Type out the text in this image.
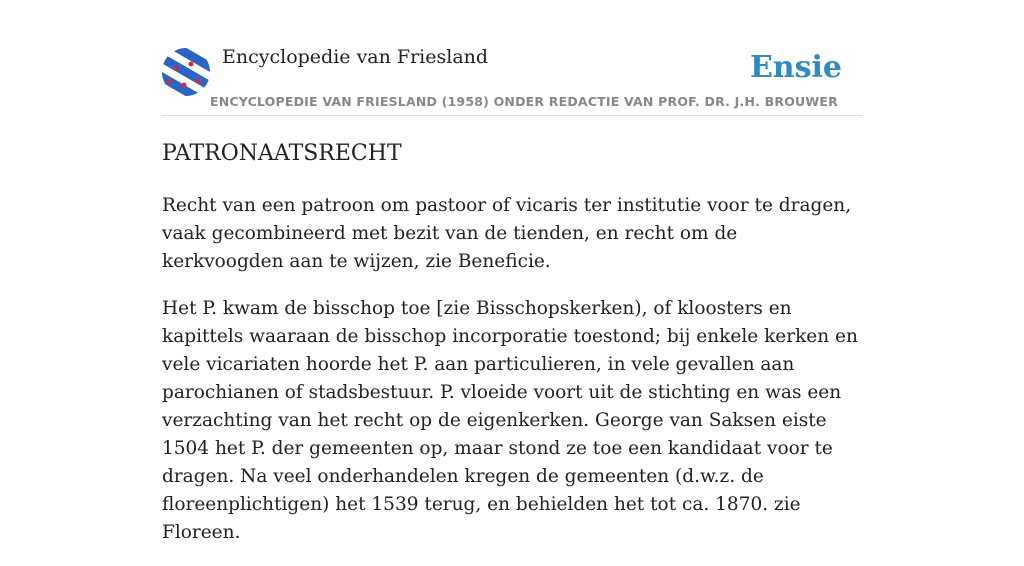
Encyclopedie van Friesland
ENCYCLOPEDIE VAN FRIESLAND (1958) ONDER REDACTIE VAN PROF. DR. J.H. BROUWER
Ensie
PATRONAATSRECHT

Recht van een patroon om pastoor of vicaris ter institutie voor te dragen, vaak gecombineerd met bezit van de tienden, en recht om de kerkvoogden aan te wijzen, zie Beneficie.

Het P. kwam de bisschop toe [zie Bisschopskerken), of kloosters en kapittels waaraan de bisschop incorporatie toestond; bij enkele kerken en vele vicariaten hoorde het P. aan particulieren, in vele gevallen aan parochianen of stadsbestuur. P. vloeide voort uit de stichting en was een verzachting van het recht op de eigenkerken. George van Saksen eiste 1504 het P. der gemeenten op, maar stond ze toe een kandidaat voor te dragen. Na veel onderhandelen kregen de gemeenten (d.w.z. de floreenplichtigen) het 1539 terug, en behielden het tot ca. 1870. zie Floreen.
